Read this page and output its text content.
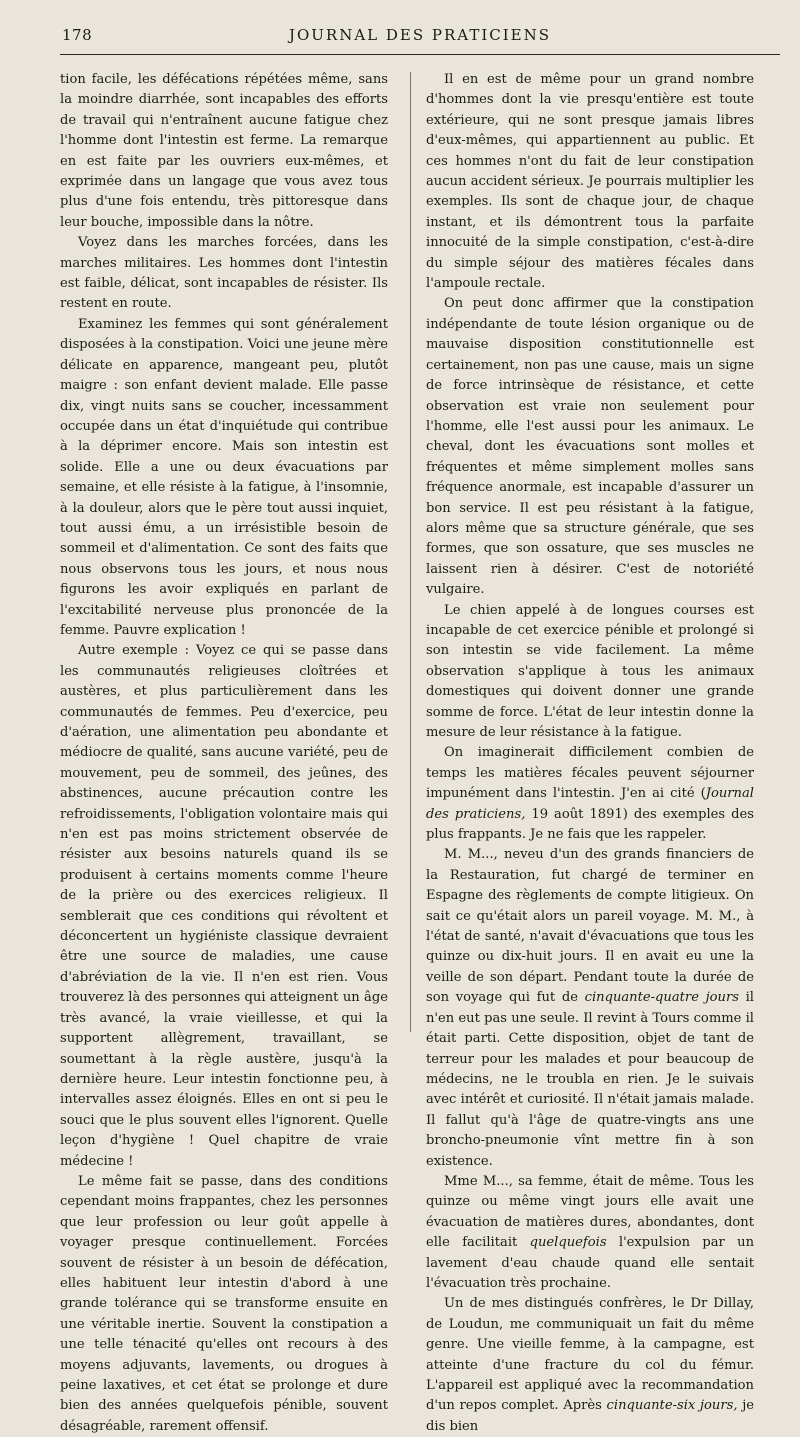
178	JOURNAL DES PRATICIENS

tion facile, les défécations répétées même, sans la moindre diarrhée, sont incapables des efforts de travail qui n'entraînent aucune fatigue chez l'homme dont l'intestin est ferme. La remarque en est faite par les ouvriers eux-mêmes, et exprimée dans un langage que vous avez tous plus d'une fois entendu, très pittoresque dans leur bouche, impossible dans la nôtre.

Voyez dans les marches forcées, dans les marches militaires. Les hommes dont l'intestin est faible, délicat, sont incapables de résister. Ils restent en route.

Examinez les femmes qui sont généralement disposées à la constipation. Voici une jeune mère délicate en apparence, mangeant peu, plutôt maigre : son enfant devient malade. Elle passe dix, vingt nuits sans se coucher, incessamment occupée dans un état d'inquiétude qui contribue à la déprimer encore. Mais son intestin est solide. Elle a une ou deux évacuations par semaine, et elle résiste à la fatigue, à l'insomnie, à la douleur, alors que le père tout aussi inquiet, tout aussi ému, a un irrésistible besoin de sommeil et d'alimentation. Ce sont des faits que nous observons tous les jours, et nous nous figurons les avoir expliqués en parlant de l'excitabilité nerveuse plus prononcée de la femme. Pauvre explication !

Autre exemple : Voyez ce qui se passe dans les communautés religieuses cloîtrées et austères, et plus particulièrement dans les communautés de femmes. Peu d'exercice, peu d'aération, une alimentation peu abondante et médiocre de qualité, sans aucune variété, peu de mouvement, peu de sommeil, des jeûnes, des abstinences, aucune précaution contre les refroidissements, l'obligation volontaire mais qui n'en est pas moins strictement observée de résister aux besoins naturels quand ils se produisent à certains moments comme l'heure de la prière ou des exercices religieux. Il semblerait que ces conditions qui révoltent et déconcertent un hygiéniste classique devraient être une source de maladies, une cause d'abréviation de la vie. Il n'en est rien. Vous trouverez là des personnes qui atteignent un âge très avancé, la vraie vieillesse, et qui la supportent allègrement, travaillant, se soumettant à la règle austère, jusqu'à la dernière heure. Leur intestin fonctionne peu, à intervalles assez éloignés. Elles en ont si peu le souci que le plus souvent elles l'ignorent. Quelle leçon d'hygiène ! Quel chapitre de vraie médecine !

Le même fait se passe, dans des conditions cependant moins frappantes, chez les personnes que leur profession ou leur goût appelle à voyager presque continuellement. Forcées souvent de résister à un besoin de défécation, elles habituent leur intestin d'abord à une grande tolérance qui se transforme ensuite en une véritable inertie. Souvent la constipation a une telle ténacité qu'elles ont recours à des moyens adjuvants, lavements, ou drogues à peine laxatives, et cet état se prolonge et dure bien des années quelquefois pénible, souvent désagréable, rarement offensif.

Il en est de même pour un grand nombre d'hommes dont la vie presqu'entière est toute extérieure, qui ne sont presque jamais libres d'eux-mêmes, qui appartiennent au public. Et ces hommes n'ont du fait de leur constipation aucun accident sérieux. Je pourrais multiplier les exemples. Ils sont de chaque jour, de chaque instant, et ils démontrent tous la parfaite innocuité de la simple constipation, c'est-à-dire du simple séjour des matières fécales dans l'ampoule rectale.

On peut donc affirmer que la constipation indépendante de toute lésion organique ou de mauvaise disposition constitutionnelle est certainement, non pas une cause, mais un signe de force intrinsèque de résistance, et cette observation est vraie non seulement pour l'homme, elle l'est aussi pour les animaux. Le cheval, dont les évacuations sont molles et fréquentes et même simplement molles sans fréquence anormale, est incapable d'assurer un bon service. Il est peu résistant à la fatigue, alors même que sa structure générale, que ses formes, que son ossature, que ses muscles ne laissent rien à désirer. C'est de notoriété vulgaire.

Le chien appelé à de longues courses est incapable de cet exercice pénible et prolongé si son intestin se vide facilement. La même observation s'applique à tous les animaux domestiques qui doivent donner une grande somme de force. L'état de leur intestin donne la mesure de leur résistance à la fatigue.

On imaginerait difficilement combien de temps les matières fécales peuvent séjourner impunément dans l'intestin. J'en ai cité (Journal des praticiens, 19 août 1891) des exemples des plus frappants. Je ne fais que les rappeler.

M. M..., neveu d'un des grands financiers de la Restauration, fut chargé de terminer en Espagne des règlements de compte litigieux. On sait ce qu'était alors un pareil voyage. M. M., à l'état de santé, n'avait d'évacuations que tous les quinze ou dix-huit jours. Il en avait eu une la veille de son départ. Pendant toute la durée de son voyage qui fut de cinquante-quatre jours il n'en eut pas une seule. Il revint à Tours comme il était parti. Cette disposition, objet de tant de terreur pour les malades et pour beaucoup de médecins, ne le troubla en rien. Je le suivais avec intérêt et curiosité. Il n'était jamais malade. Il fallut qu'à l'âge de quatre-vingts ans une broncho-pneumonie vînt mettre fin à son existence.

Mme M..., sa femme, était de même. Tous les quinze ou même vingt jours elle avait une évacuation de matières dures, abondantes, dont elle facilitait quelquefois l'expulsion par un lavement d'eau chaude quand elle sentait l'évacuation très prochaine.

Un de mes distingués confrères, le Dr Dillay, de Loudun, me communiquait un fait du même genre. Une vieille femme, à la campagne, est atteinte d'une fracture du col du fémur. L'appareil est appliqué avec la recommandation d'un repos complet. Après cinquante-six jours, je dis bien
